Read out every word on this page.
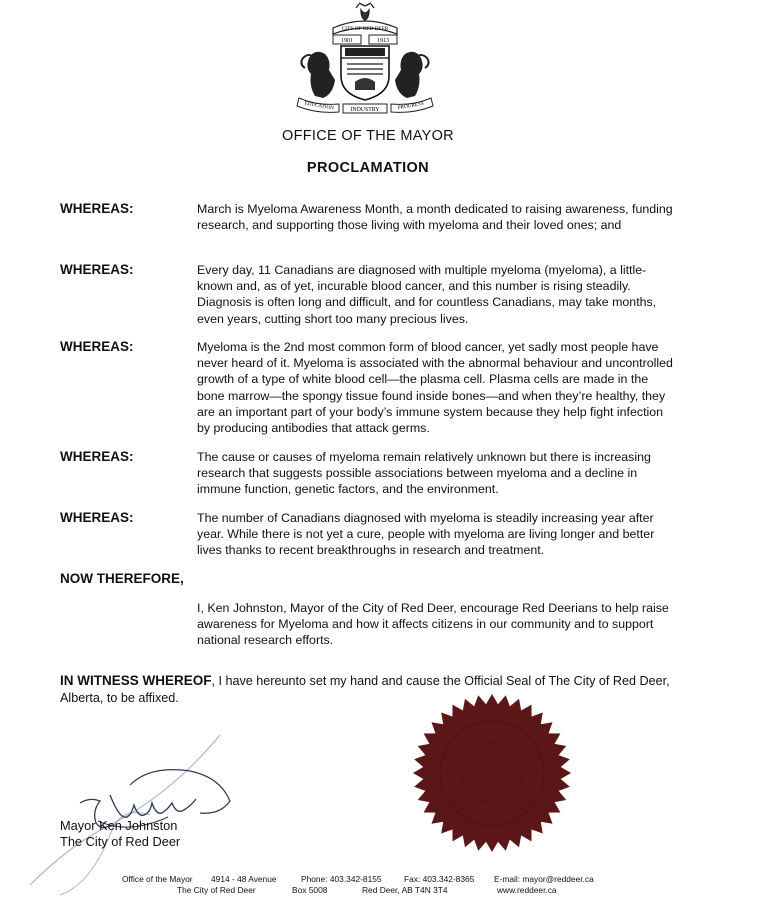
CITY OF RED DEER
1901	1913
EDUCATION	INDUSTRY	PROGRESS
OFFICE OF THE MAYOR
PROCLAMATION
WHEREAS:	March is Myeloma Awareness Month, a month dedicated to raising awareness, funding research, and supporting those living with myeloma and their loved ones; and
WHEREAS:	Every day, 11 Canadians are diagnosed with multiple myeloma (myeloma), a little-known and, as of yet, incurable blood cancer, and this number is rising steadily. Diagnosis is often long and difficult, and for countless Canadians, may take months, even years, cutting short too many precious lives.
WHEREAS:	Myeloma is the 2nd most common form of blood cancer, yet sadly most people have never heard of it. Myeloma is associated with the abnormal behaviour and uncontrolled growth of a type of white blood cell—the plasma cell. Plasma cells are made in the bone marrow—the spongy tissue found inside bones—and when they’re healthy, they are an important part of your body’s immune system because they help fight infection by producing antibodies that attack germs.
WHEREAS:	The cause or causes of myeloma remain relatively unknown but there is increasing research that suggests possible associations between myeloma and a decline in immune function, genetic factors, and the environment.
WHEREAS:	The number of Canadians diagnosed with myeloma is steadily increasing year after year. While there is not yet a cure, people with myeloma are living longer and better lives thanks to recent breakthroughs in research and treatment.
NOW THEREFORE,
I, Ken Johnston, Mayor of the City of Red Deer, encourage Red Deerians to help raise awareness for Myeloma and how it affects citizens in our community and to support national research efforts.
IN WITNESS WHEREOF, I have hereunto set my hand and cause the Official Seal of The City of Red Deer, Alberta, to be affixed.
Mayor Ken Johnston
The City of Red Deer
Office of the Mayor 4914 - 48 Avenue	Phone: 403.342-8155	Fax: 403.342-8365 E-mail: mayor@reddeer.ca
The City of Red Deer	Box 5008	Red Deer, AB T4N 3T4	www.reddeer.ca
